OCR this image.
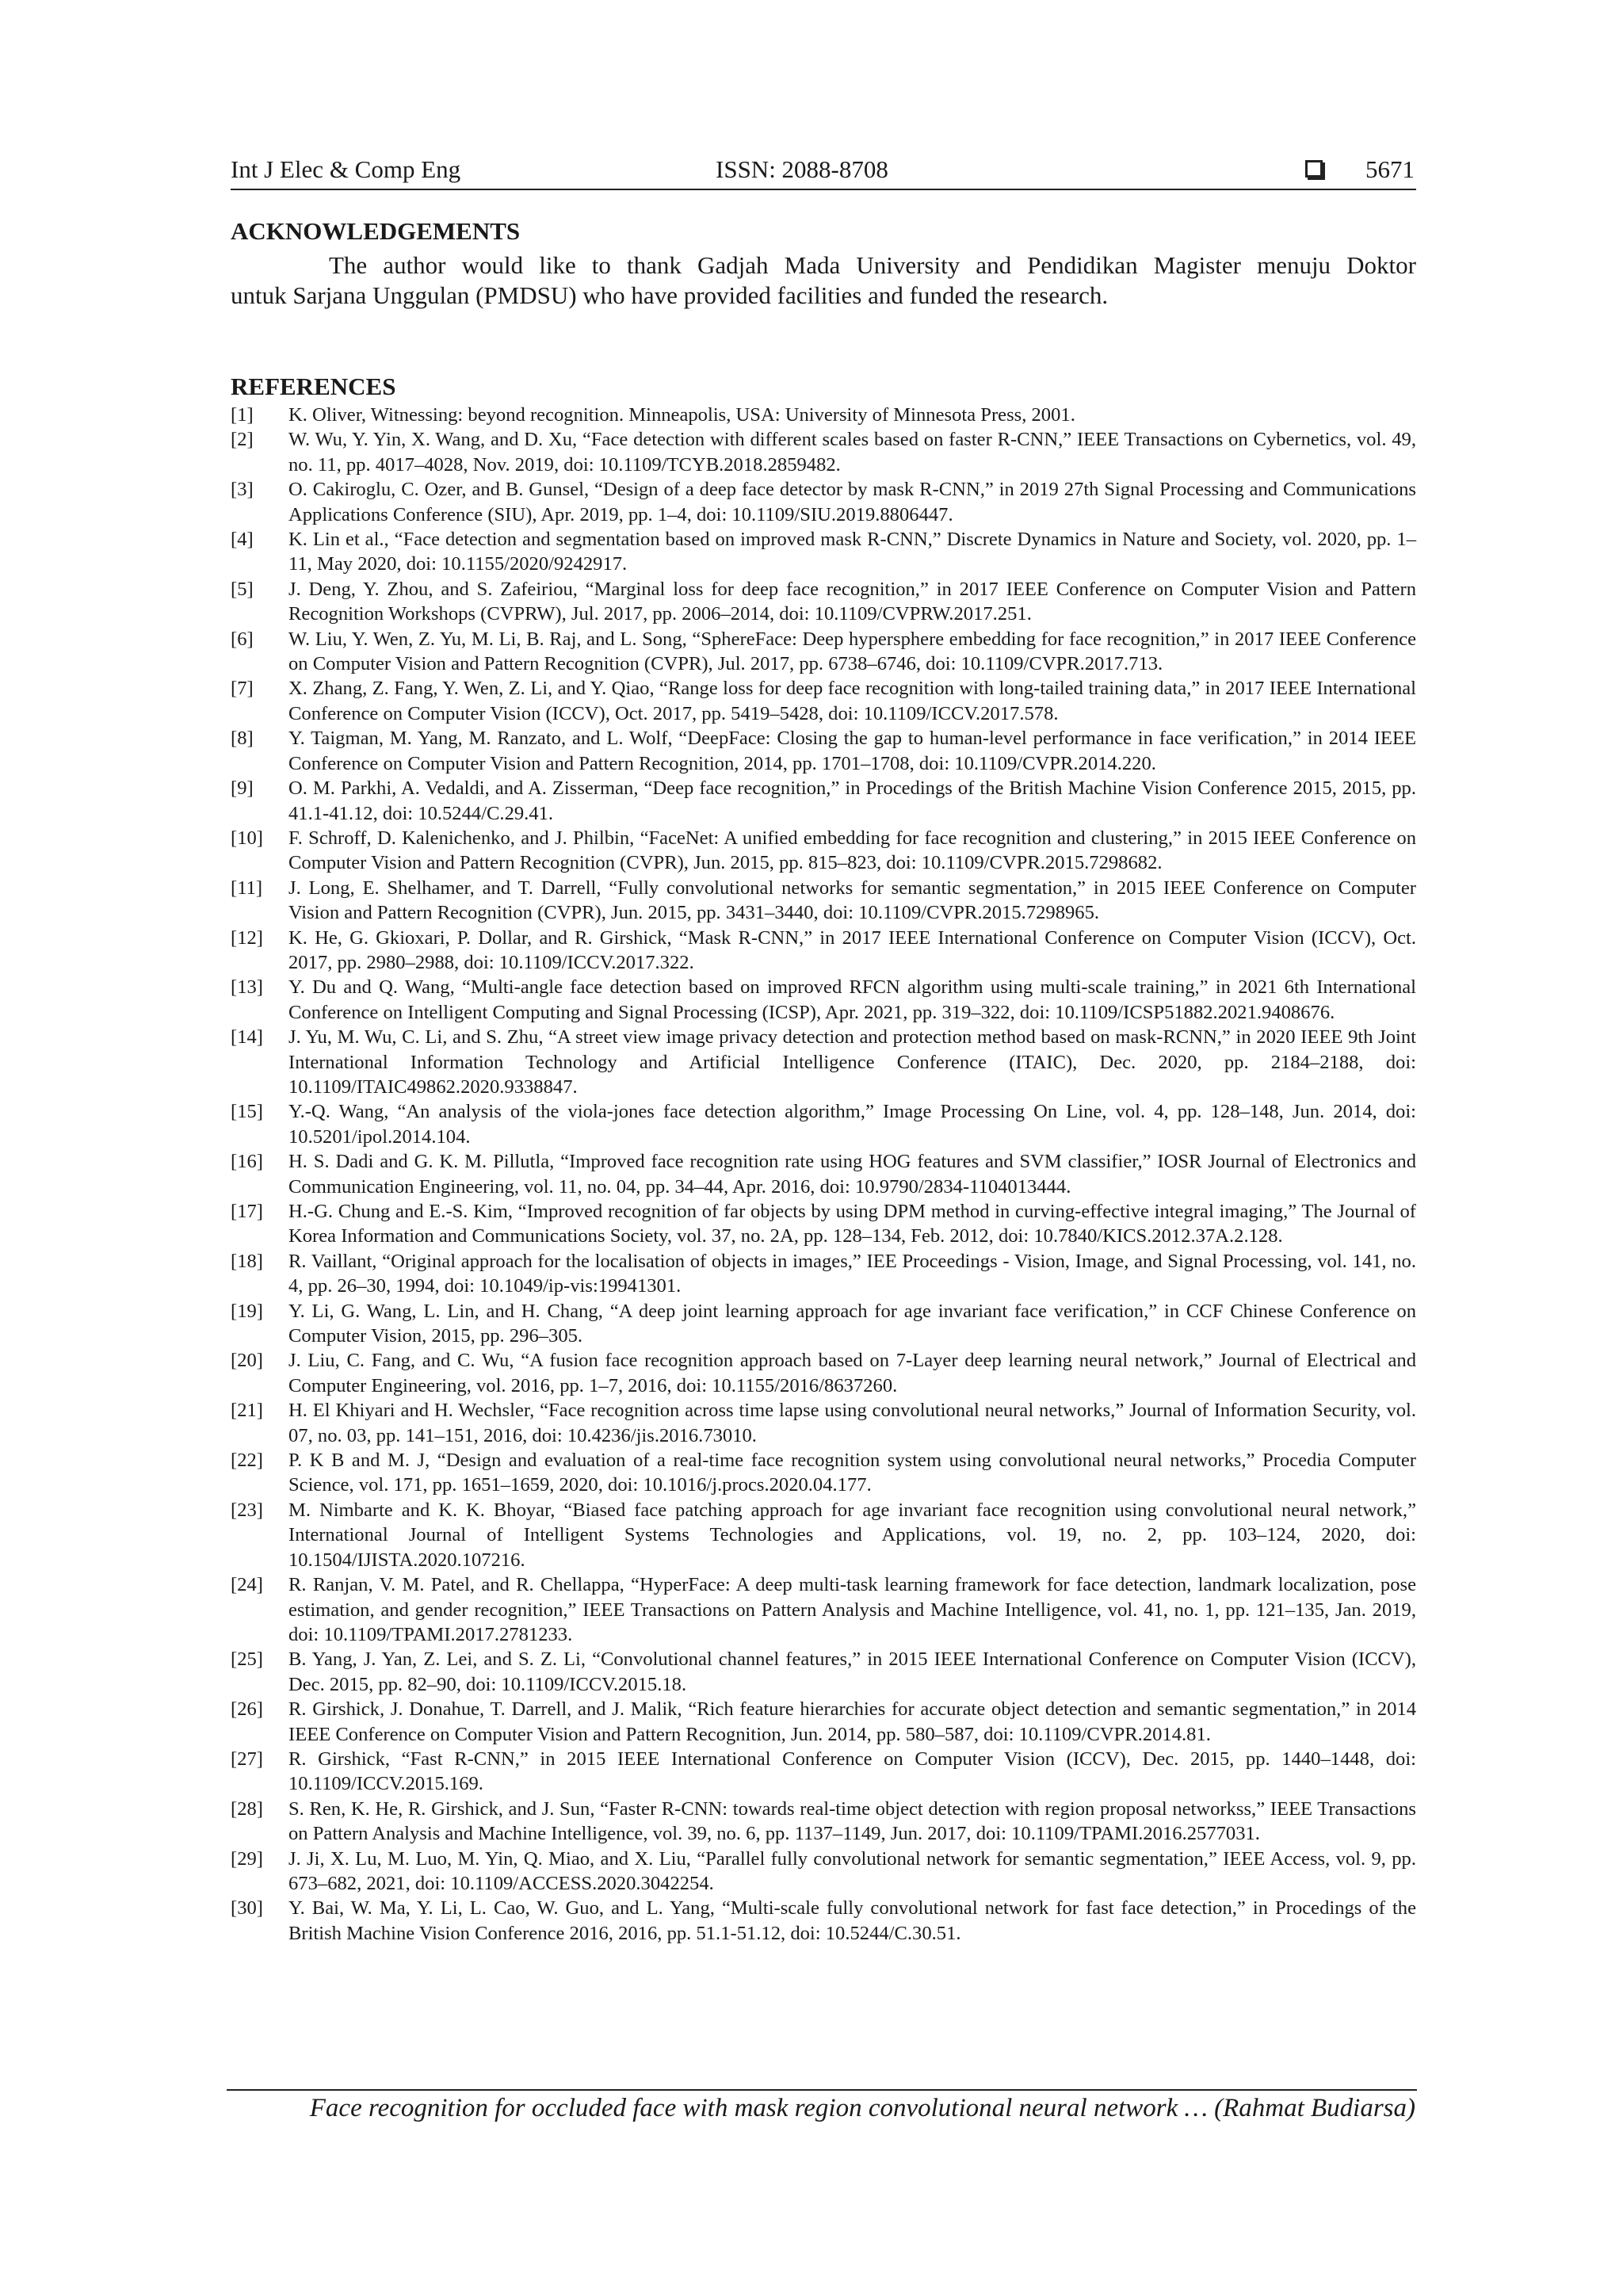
Int J Elec & Comp Eng	ISSN: 2088-8708	5671
ACKNOWLEDGEMENTS
The author would like to thank Gadjah Mada University and Pendidikan Magister menuju Doktor
untuk Sarjana Unggulan (PMDSU) who have provided facilities and funded the research.
REFERENCES
[1]	K. Oliver, Witnessing: beyond recognition. Minneapolis, USA: University of Minnesota Press, 2001.
[2]	W. Wu, Y. Yin, X. Wang, and D. Xu, “Face detection with different scales based on faster R-CNN,” IEEE Transactions on Cybernetics, vol. 49, no. 11, pp. 4017–4028, Nov. 2019, doi: 10.1109/TCYB.2018.2859482.
[3]	O. Cakiroglu, C. Ozer, and B. Gunsel, “Design of a deep face detector by mask R-CNN,” in 2019 27th Signal Processing and Communications Applications Conference (SIU), Apr. 2019, pp. 1–4, doi: 10.1109/SIU.2019.8806447.
[4]	K. Lin et al., “Face detection and segmentation based on improved mask R-CNN,” Discrete Dynamics in Nature and Society, vol. 2020, pp. 1–11, May 2020, doi: 10.1155/2020/9242917.
[5]	J. Deng, Y. Zhou, and S. Zafeiriou, “Marginal loss for deep face recognition,” in 2017 IEEE Conference on Computer Vision and Pattern Recognition Workshops (CVPRW), Jul. 2017, pp. 2006–2014, doi: 10.1109/CVPRW.2017.251.
[6]	W. Liu, Y. Wen, Z. Yu, M. Li, B. Raj, and L. Song, “SphereFace: Deep hypersphere embedding for face recognition,” in 2017 IEEE Conference on Computer Vision and Pattern Recognition (CVPR), Jul. 2017, pp. 6738–6746, doi: 10.1109/CVPR.2017.713.
[7]	X. Zhang, Z. Fang, Y. Wen, Z. Li, and Y. Qiao, “Range loss for deep face recognition with long-tailed training data,” in 2017 IEEE International Conference on Computer Vision (ICCV), Oct. 2017, pp. 5419–5428, doi: 10.1109/ICCV.2017.578.
[8]	Y. Taigman, M. Yang, M. Ranzato, and L. Wolf, “DeepFace: Closing the gap to human-level performance in face verification,” in 2014 IEEE Conference on Computer Vision and Pattern Recognition, 2014, pp. 1701–1708, doi: 10.1109/CVPR.2014.220.
[9]	O. M. Parkhi, A. Vedaldi, and A. Zisserman, “Deep face recognition,” in Procedings of the British Machine Vision Conference 2015, 2015, pp. 41.1-41.12, doi: 10.5244/C.29.41.
[10]	F. Schroff, D. Kalenichenko, and J. Philbin, “FaceNet: A unified embedding for face recognition and clustering,” in 2015 IEEE Conference on Computer Vision and Pattern Recognition (CVPR), Jun. 2015, pp. 815–823, doi: 10.1109/CVPR.2015.7298682.
[11]	J. Long, E. Shelhamer, and T. Darrell, “Fully convolutional networks for semantic segmentation,” in 2015 IEEE Conference on Computer Vision and Pattern Recognition (CVPR), Jun. 2015, pp. 3431–3440, doi: 10.1109/CVPR.2015.7298965.
[12]	K. He, G. Gkioxari, P. Dollar, and R. Girshick, “Mask R-CNN,” in 2017 IEEE International Conference on Computer Vision (ICCV), Oct. 2017, pp. 2980–2988, doi: 10.1109/ICCV.2017.322.
[13]	Y. Du and Q. Wang, “Multi-angle face detection based on improved RFCN algorithm using multi-scale training,” in 2021 6th International Conference on Intelligent Computing and Signal Processing (ICSP), Apr. 2021, pp. 319–322, doi: 10.1109/ICSP51882.2021.9408676.
[14]	J. Yu, M. Wu, C. Li, and S. Zhu, “A street view image privacy detection and protection method based on mask-RCNN,” in 2020 IEEE 9th Joint International Information Technology and Artificial Intelligence Conference (ITAIC), Dec. 2020, pp. 2184–2188, doi: 10.1109/ITAIC49862.2020.9338847.
[15]	Y.-Q. Wang, “An analysis of the viola-jones face detection algorithm,” Image Processing On Line, vol. 4, pp. 128–148, Jun. 2014, doi: 10.5201/ipol.2014.104.
[16]	H. S. Dadi and G. K. M. Pillutla, “Improved face recognition rate using HOG features and SVM classifier,” IOSR Journal of Electronics and Communication Engineering, vol. 11, no. 04, pp. 34–44, Apr. 2016, doi: 10.9790/2834-1104013444.
[17]	H.-G. Chung and E.-S. Kim, “Improved recognition of far objects by using DPM method in curving-effective integral imaging,” The Journal of Korea Information and Communications Society, vol. 37, no. 2A, pp. 128–134, Feb. 2012, doi: 10.7840/KICS.2012.37A.2.128.
[18]	R. Vaillant, “Original approach for the localisation of objects in images,” IEE Proceedings - Vision, Image, and Signal Processing, vol. 141, no. 4, pp. 26–30, 1994, doi: 10.1049/ip-vis:19941301.
[19]	Y. Li, G. Wang, L. Lin, and H. Chang, “A deep joint learning approach for age invariant face verification,” in CCF Chinese Conference on Computer Vision, 2015, pp. 296–305.
[20]	J. Liu, C. Fang, and C. Wu, “A fusion face recognition approach based on 7-Layer deep learning neural network,” Journal of Electrical and Computer Engineering, vol. 2016, pp. 1–7, 2016, doi: 10.1155/2016/8637260.
[21]	H. El Khiyari and H. Wechsler, “Face recognition across time lapse using convolutional neural networks,” Journal of Information Security, vol. 07, no. 03, pp. 141–151, 2016, doi: 10.4236/jis.2016.73010.
[22]	P. K B and M. J, “Design and evaluation of a real-time face recognition system using convolutional neural networks,” Procedia Computer Science, vol. 171, pp. 1651–1659, 2020, doi: 10.1016/j.procs.2020.04.177.
[23]	M. Nimbarte and K. K. Bhoyar, “Biased face patching approach for age invariant face recognition using convolutional neural network,” International Journal of Intelligent Systems Technologies and Applications, vol. 19, no. 2, pp. 103–124, 2020, doi: 10.1504/IJISTA.2020.107216.
[24]	R. Ranjan, V. M. Patel, and R. Chellappa, “HyperFace: A deep multi-task learning framework for face detection, landmark localization, pose estimation, and gender recognition,” IEEE Transactions on Pattern Analysis and Machine Intelligence, vol. 41, no. 1, pp. 121–135, Jan. 2019, doi: 10.1109/TPAMI.2017.2781233.
[25]	B. Yang, J. Yan, Z. Lei, and S. Z. Li, “Convolutional channel features,” in 2015 IEEE International Conference on Computer Vision (ICCV), Dec. 2015, pp. 82–90, doi: 10.1109/ICCV.2015.18.
[26]	R. Girshick, J. Donahue, T. Darrell, and J. Malik, “Rich feature hierarchies for accurate object detection and semantic segmentation,” in 2014 IEEE Conference on Computer Vision and Pattern Recognition, Jun. 2014, pp. 580–587, doi: 10.1109/CVPR.2014.81.
[27]	R. Girshick, “Fast R-CNN,” in 2015 IEEE International Conference on Computer Vision (ICCV), Dec. 2015, pp. 1440–1448, doi: 10.1109/ICCV.2015.169.
[28]	S. Ren, K. He, R. Girshick, and J. Sun, “Faster R-CNN: towards real-time object detection with region proposal networkss,” IEEE Transactions on Pattern Analysis and Machine Intelligence, vol. 39, no. 6, pp. 1137–1149, Jun. 2017, doi: 10.1109/TPAMI.2016.2577031.
[29]	J. Ji, X. Lu, M. Luo, M. Yin, Q. Miao, and X. Liu, “Parallel fully convolutional network for semantic segmentation,” IEEE Access, vol. 9, pp. 673–682, 2021, doi: 10.1109/ACCESS.2020.3042254.
[30]	Y. Bai, W. Ma, Y. Li, L. Cao, W. Guo, and L. Yang, “Multi-scale fully convolutional network for fast face detection,” in Procedings of the British Machine Vision Conference 2016, 2016, pp. 51.1-51.12, doi: 10.5244/C.30.51.
Face recognition for occluded face with mask region convolutional neural network … (Rahmat Budiarsa)
